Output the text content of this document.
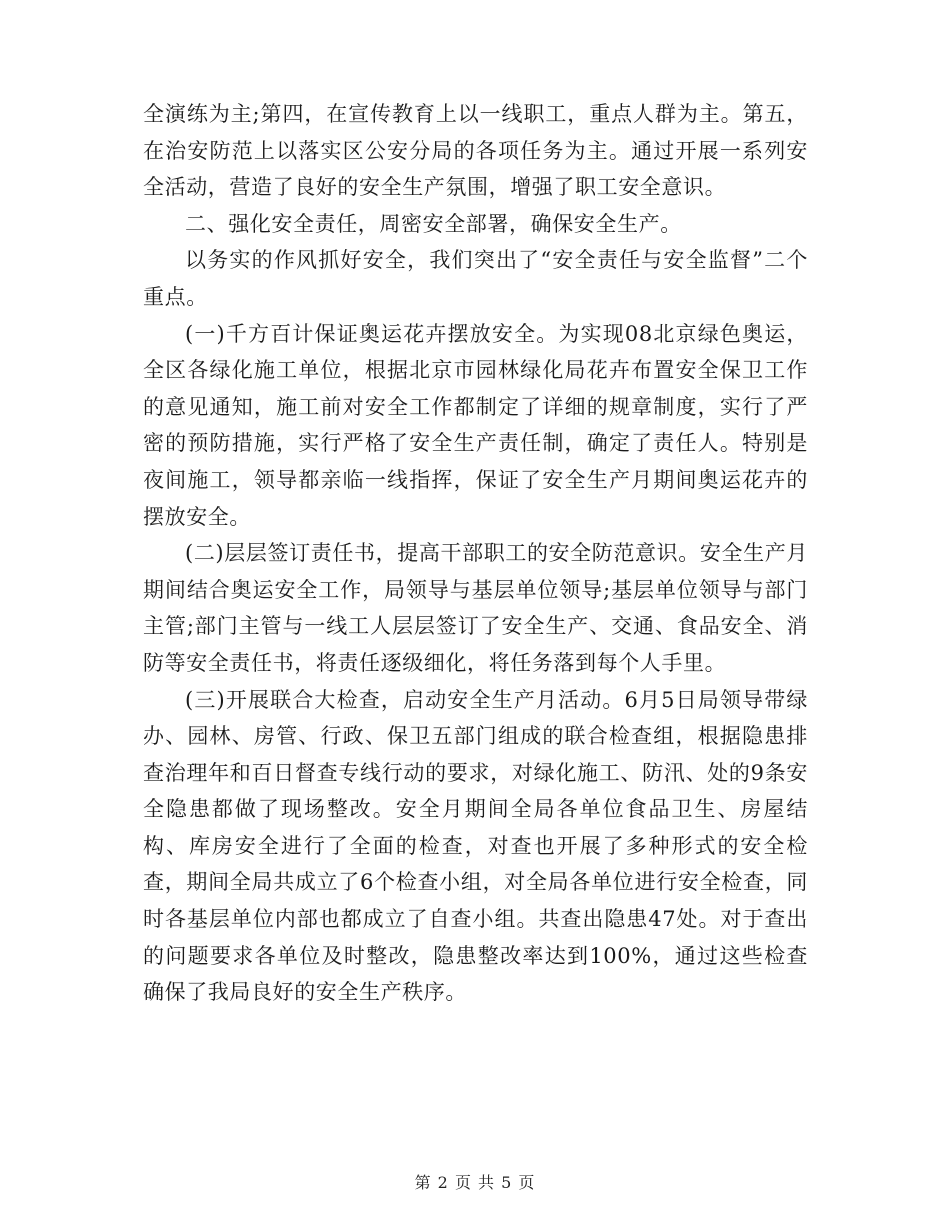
全演练为主;第四，在宣传教育上以一线职工，重点人群为主。第五，在治安防范上以落实区公安分局的各项任务为主。通过开展一系列安全活动，营造了良好的安全生产氛围，增强了职工安全意识。

二、强化安全责任，周密安全部署，确保安全生产。

以务实的作风抓好安全，我们突出了“安全责任与安全监督”二个重点。

(一)千方百计保证奥运花卉摆放安全。为实现08北京绿色奥运，全区各绿化施工单位，根据北京市园林绿化局花卉布置安全保卫工作的意见通知，施工前对安全工作都制定了详细的规章制度，实行了严密的预防措施，实行严格了安全生产责任制，确定了责任人。特别是夜间施工，领导都亲临一线指挥，保证了安全生产月期间奥运花卉的摆放安全。

(二)层层签订责任书，提高干部职工的安全防范意识。安全生产月期间结合奥运安全工作，局领导与基层单位领导;基层单位领导与部门主管;部门主管与一线工人层层签订了安全生产、交通、食品安全、消防等安全责任书，将责任逐级细化，将任务落到每个人手里。

(三)开展联合大检查，启动安全生产月活动。6月5日局领导带绿办、园林、房管、行政、保卫五部门组成的联合检查组，根据隐患排查治理年和百日督查专线行动的要求，对绿化施工、防汛、处的9条安全隐患都做了现场整改。安全月期间全局各单位食品卫生、房屋结构、库房安全进行了全面的检查，对查也开展了多种形式的安全检查，期间全局共成立了6个检查小组，对全局各单位进行安全检查，同时各基层单位内部也都成立了自查小组。共查出隐患47处。对于查出的问题要求各单位及时整改，隐患整改率达到100%，通过这些检查确保了我局良好的安全生产秩序。

第 2 页 共 5 页
